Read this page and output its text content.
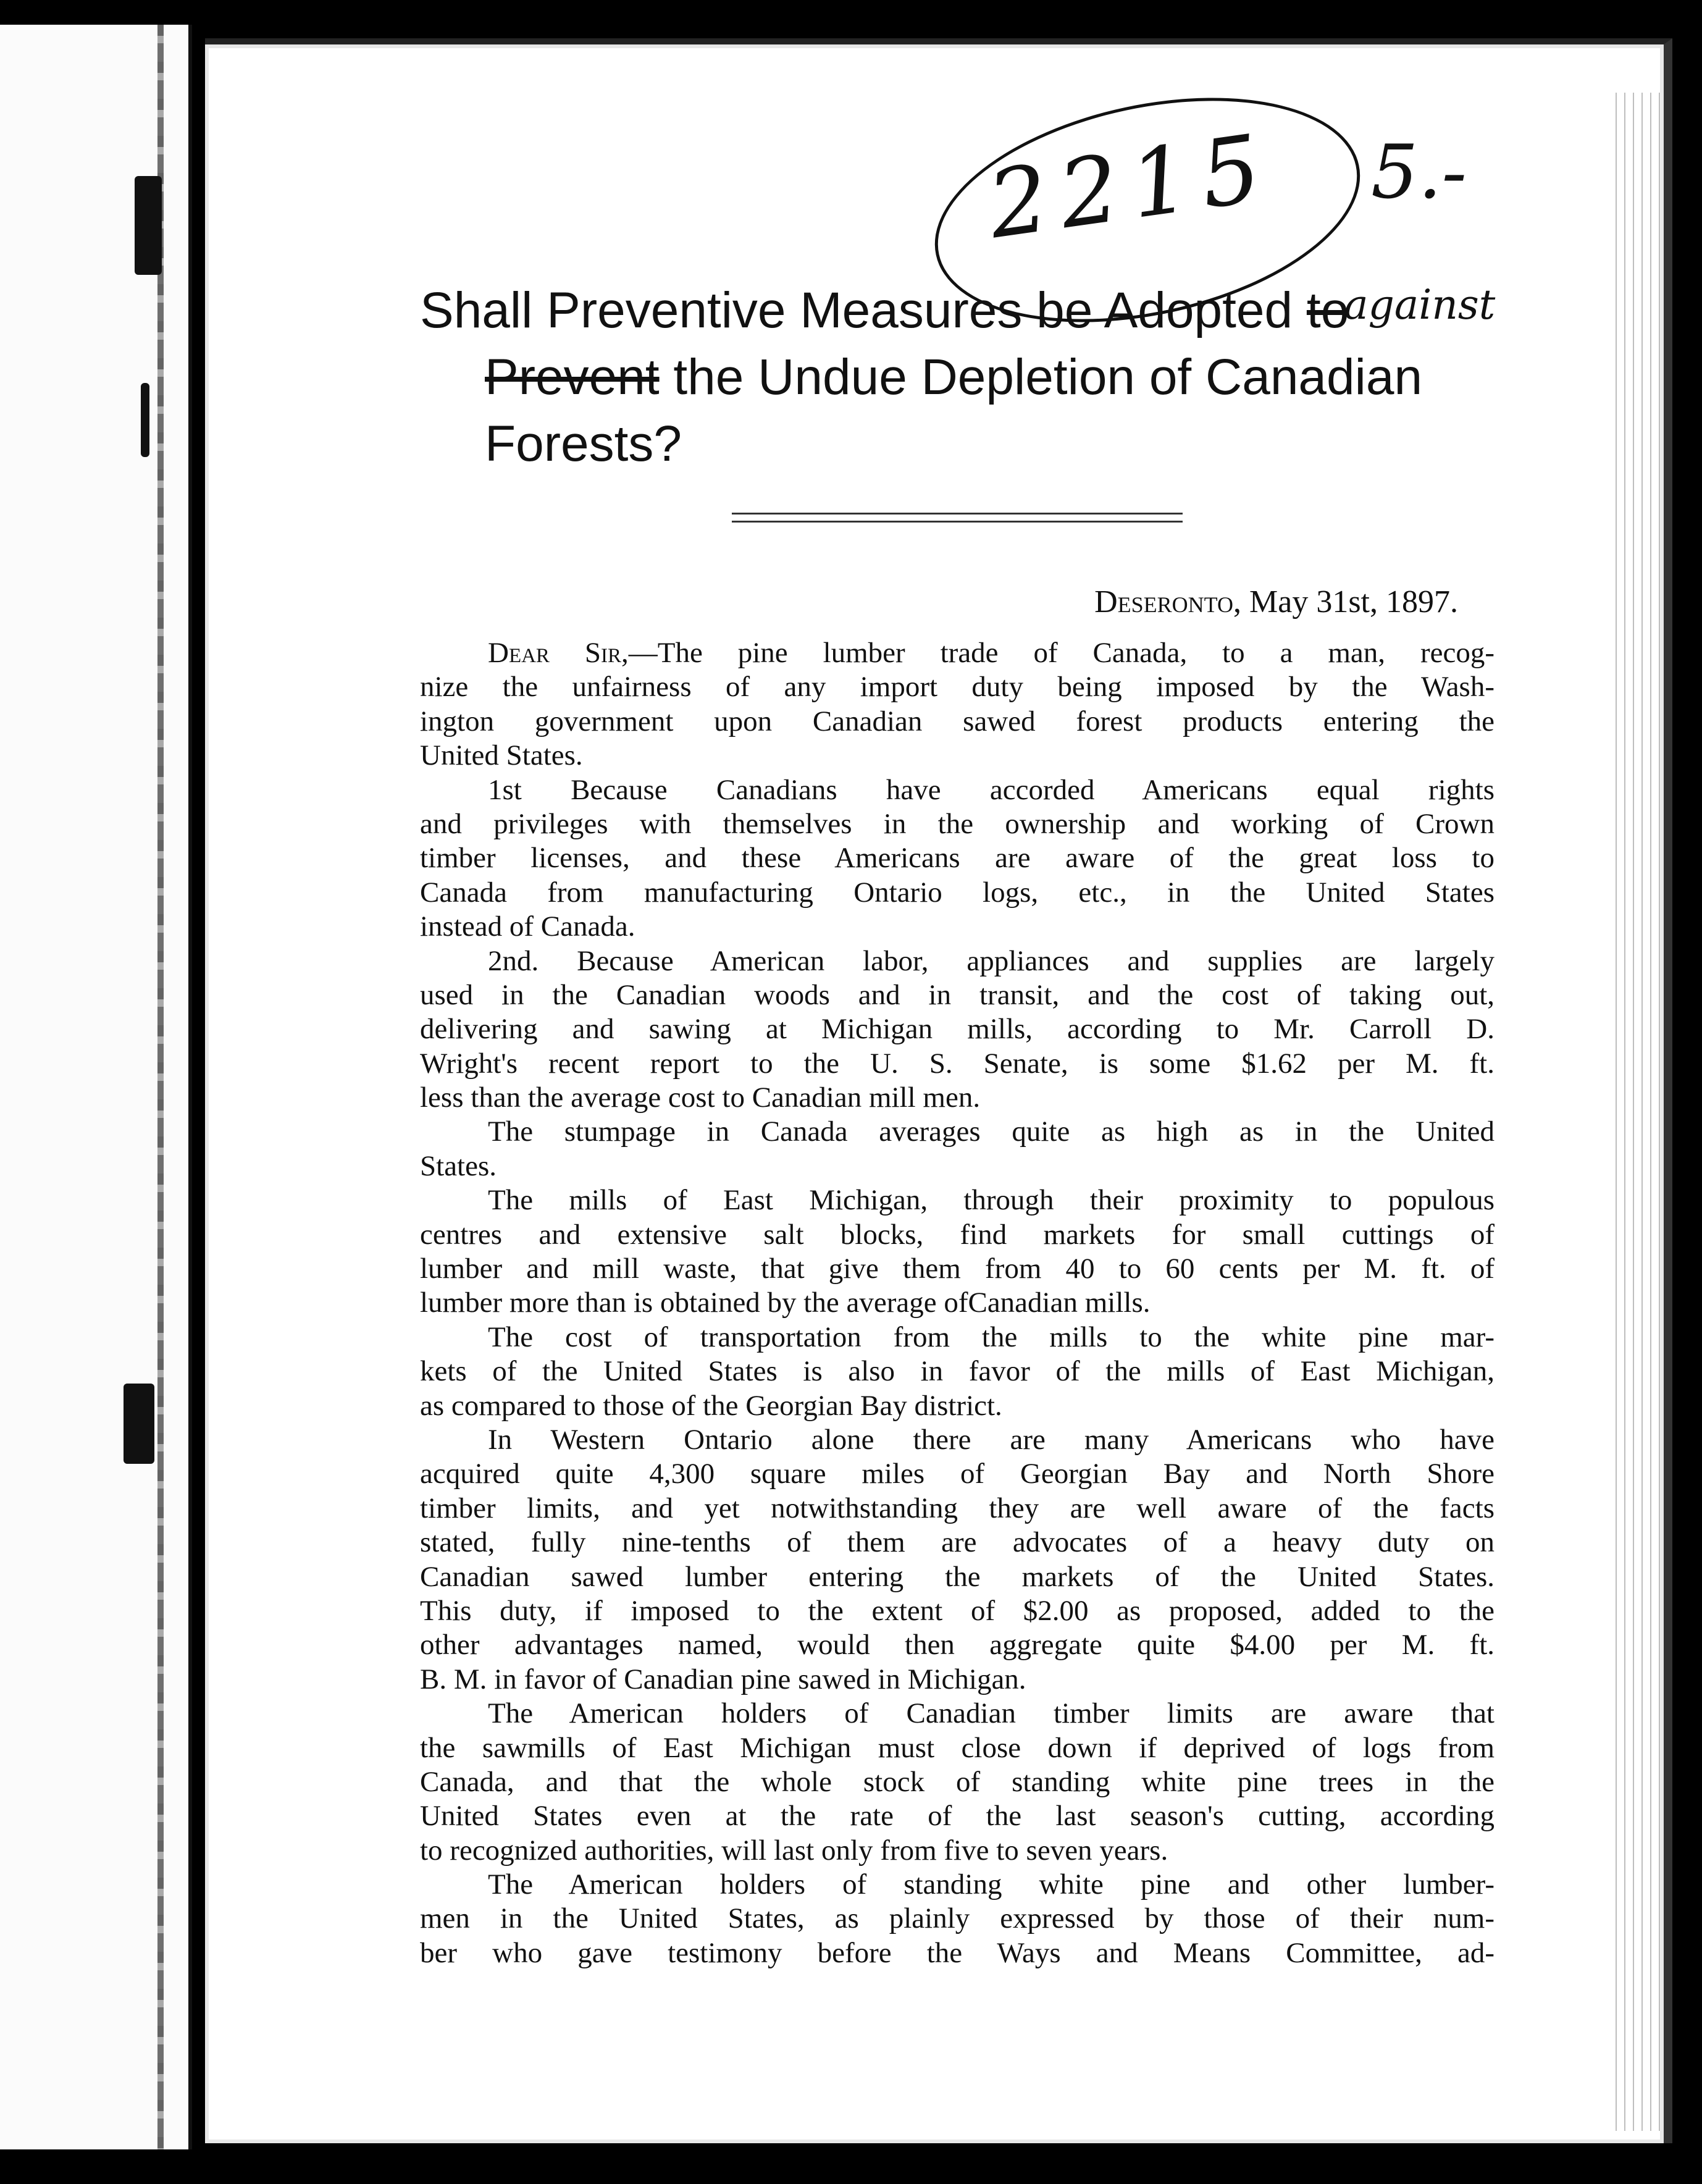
2215 5.-
Shall Preventive Measures be Adopted toagainst
Prevent the Undue Depletion of Canadian
Forests?
Deseronto, May 31st, 1897.
Dear Sir,—The pine lumber trade of Canada, to a man, recog-
nize the unfairness of any import duty being imposed by the Wash-
ington government upon Canadian sawed forest products entering the
United States.
1st Because Canadians have accorded Americans equal rights
and privileges with themselves in the ownership and working of Crown
timber licenses, and these Americans are aware of the great loss to
Canada from manufacturing Ontario logs, etc., in the United States
instead of Canada.
2nd. Because American labor, appliances and supplies are largely
used in the Canadian woods and in transit, and the cost of taking out,
delivering and sawing at Michigan mills, according to Mr. Carroll D.
Wright's recent report to the U. S. Senate, is some $1.62 per M. ft.
less than the average cost to Canadian mill men.
The stumpage in Canada averages quite as high as in the United
States.
The mills of East Michigan, through their proximity to populous
centres and extensive salt blocks, find markets for small cuttings of
lumber and mill waste, that give them from 40 to 60 cents per M. ft. of
lumber more than is obtained by the average ofCanadian mills.
The cost of transportation from the mills to the white pine mar-
kets of the United States is also in favor of the mills of East Michigan,
as compared to those of the Georgian Bay district.
In Western Ontario alone there are many Americans who have
acquired quite 4,300 square miles of Georgian Bay and North Shore
timber limits, and yet notwithstanding they are well aware of the facts
stated, fully nine-tenths of them are advocates of a heavy duty on
Canadian sawed lumber entering the markets of the United States.
This duty, if imposed to the extent of $2.00 as proposed, added to the
other advantages named, would then aggregate quite $4.00 per M. ft.
B. M. in favor of Canadian pine sawed in Michigan.
The American holders of Canadian timber limits are aware that
the sawmills of East Michigan must close down if deprived of logs from
Canada, and that the whole stock of standing white pine trees in the
United States even at the rate of the last season's cutting, according
to recognized authorities, will last only from five to seven years.
The American holders of standing white pine and other lumber-
men in the United States, as plainly expressed by those of their num-
ber who gave testimony before the Ways and Means Committee, ad-
